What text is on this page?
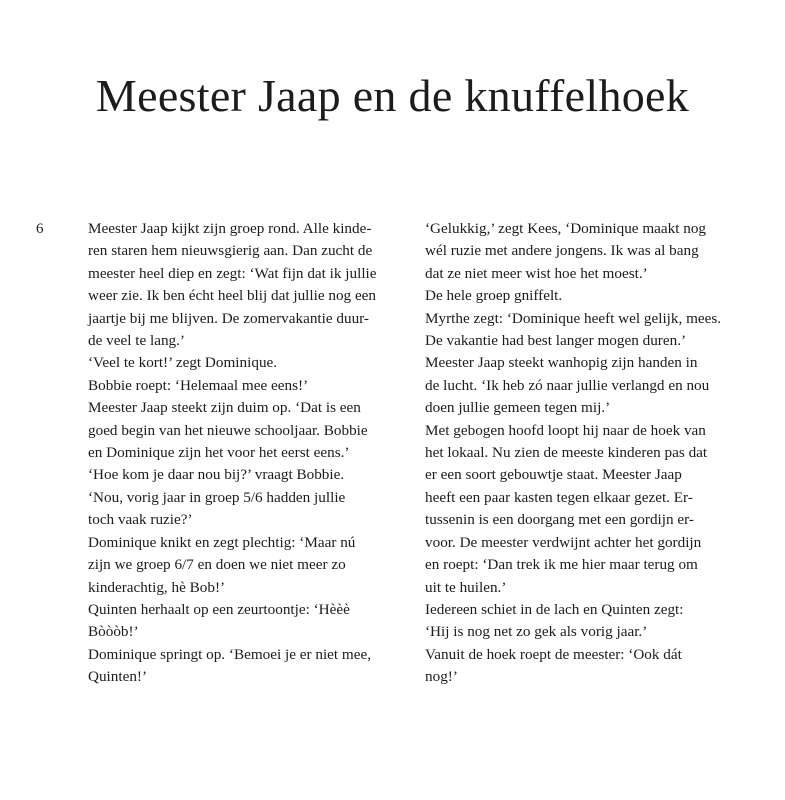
Meester Jaap en de knuffelhoek
6	Meester Jaap kijkt zijn groep rond. Alle kinde-
ren staren hem nieuwsgierig aan. Dan zucht de
meester heel diep en zegt: ‘Wat fijn dat ik jullie
weer zie. Ik ben écht heel blij dat jullie nog een
jaartje bij me blijven. De zomervakantie duur-
de veel te lang.’
‘Veel te kort!’ zegt Dominique.
Bobbie roept: ‘Helemaal mee eens!’
Meester Jaap steekt zijn duim op. ‘Dat is een
goed begin van het nieuwe schooljaar. Bobbie
en Dominique zijn het voor het eerst eens.’
‘Hoe kom je daar nou bij?’ vraagt Bobbie.
‘Nou, vorig jaar in groep 5/6 hadden jullie
toch vaak ruzie?’
Dominique knikt en zegt plechtig: ‘Maar nú
zijn we groep 6/7 en doen we niet meer zo
kinderachtig, hè Bob!’
Quinten herhaalt op een zeurtoontje: ‘Hèèè
Bòòòb!’
Dominique springt op. ‘Bemoei je er niet mee,
Quinten!’
‘Gelukkig,’ zegt Kees, ‘Dominique maakt nog
wél ruzie met andere jongens. Ik was al bang
dat ze niet meer wist hoe het moest.’
De hele groep gniffelt.
Myrthe zegt: ‘Dominique heeft wel gelijk, mees.
De vakantie had best langer mogen duren.’
Meester Jaap steekt wanhopig zijn handen in
de lucht. ‘Ik heb zó naar jullie verlangd en nou
doen jullie gemeen tegen mij.’
Met gebogen hoofd loopt hij naar de hoek van
het lokaal. Nu zien de meeste kinderen pas dat
er een soort gebouwtje staat. Meester Jaap
heeft een paar kasten tegen elkaar gezet. Er-
tussenin is een doorgang met een gordijn er-
voor. De meester verdwijnt achter het gordijn
en roept: ‘Dan trek ik me hier maar terug om
uit te huilen.’
Iedereen schiet in de lach en Quinten zegt:
‘Hij is nog net zo gek als vorig jaar.’
Vanuit de hoek roept de meester: ‘Ook dát
nog!’
